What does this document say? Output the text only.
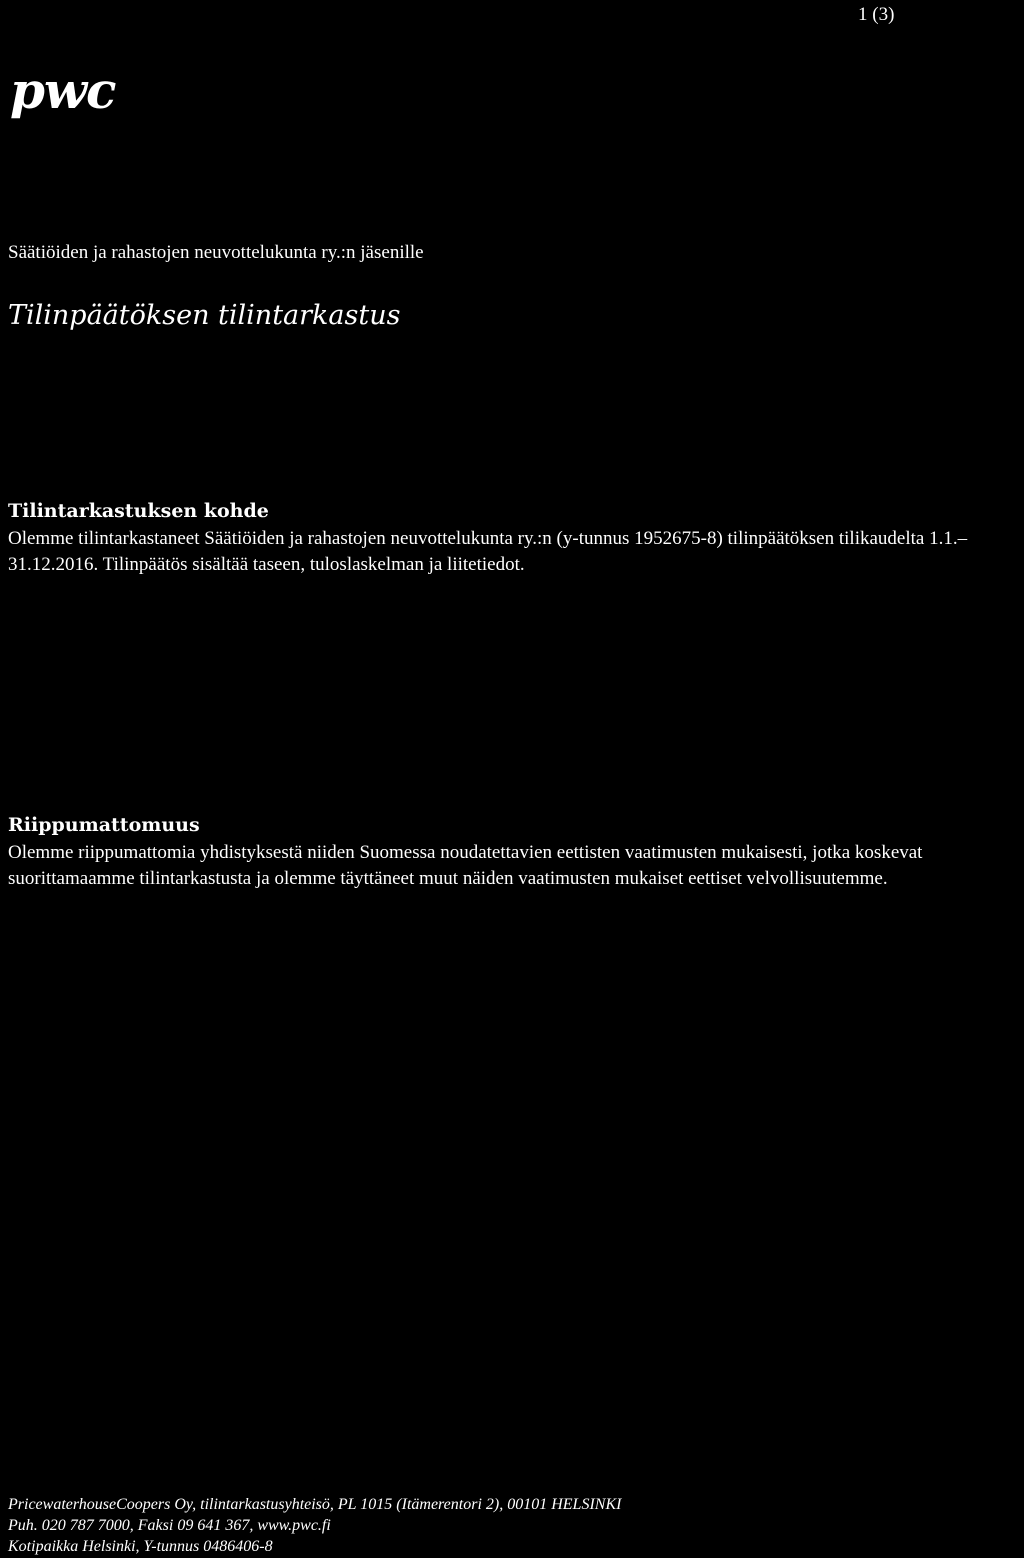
1 (3)
pwc
Säätiöiden ja rahastojen neuvottelukunta ry.:n jäsenille
Tilinpäätöksen tilintarkastus
Tilintarkastuksen kohde

Olemme tilintarkastaneet Säätiöiden ja rahastojen neuvottelukunta ry.:n (y-tunnus 1952675-8) tilinpäätöksen tilikaudelta 1.1.–31.12.2016. Tilinpäätös sisältää taseen, tuloslaskelman ja liitetiedot.

Riippumattomuus

Olemme riippumattomia yhdistyksestä niiden Suomessa noudatettavien eettisten vaatimusten mukaisesti, jotka koskevat suorittamaamme tilintarkastusta ja olemme täyttäneet muut näiden vaatimusten mukaiset eettiset velvollisuutemme.

PricewaterhouseCoopers Oy, tilintarkastusyhteisö, PL 1015 (Itämerentori 2), 00101 HELSINKI
Puh. 020 787 7000, Faksi 09 641 367, www.pwc.fi
Kotipaikka Helsinki, Y-tunnus 0486406-8
